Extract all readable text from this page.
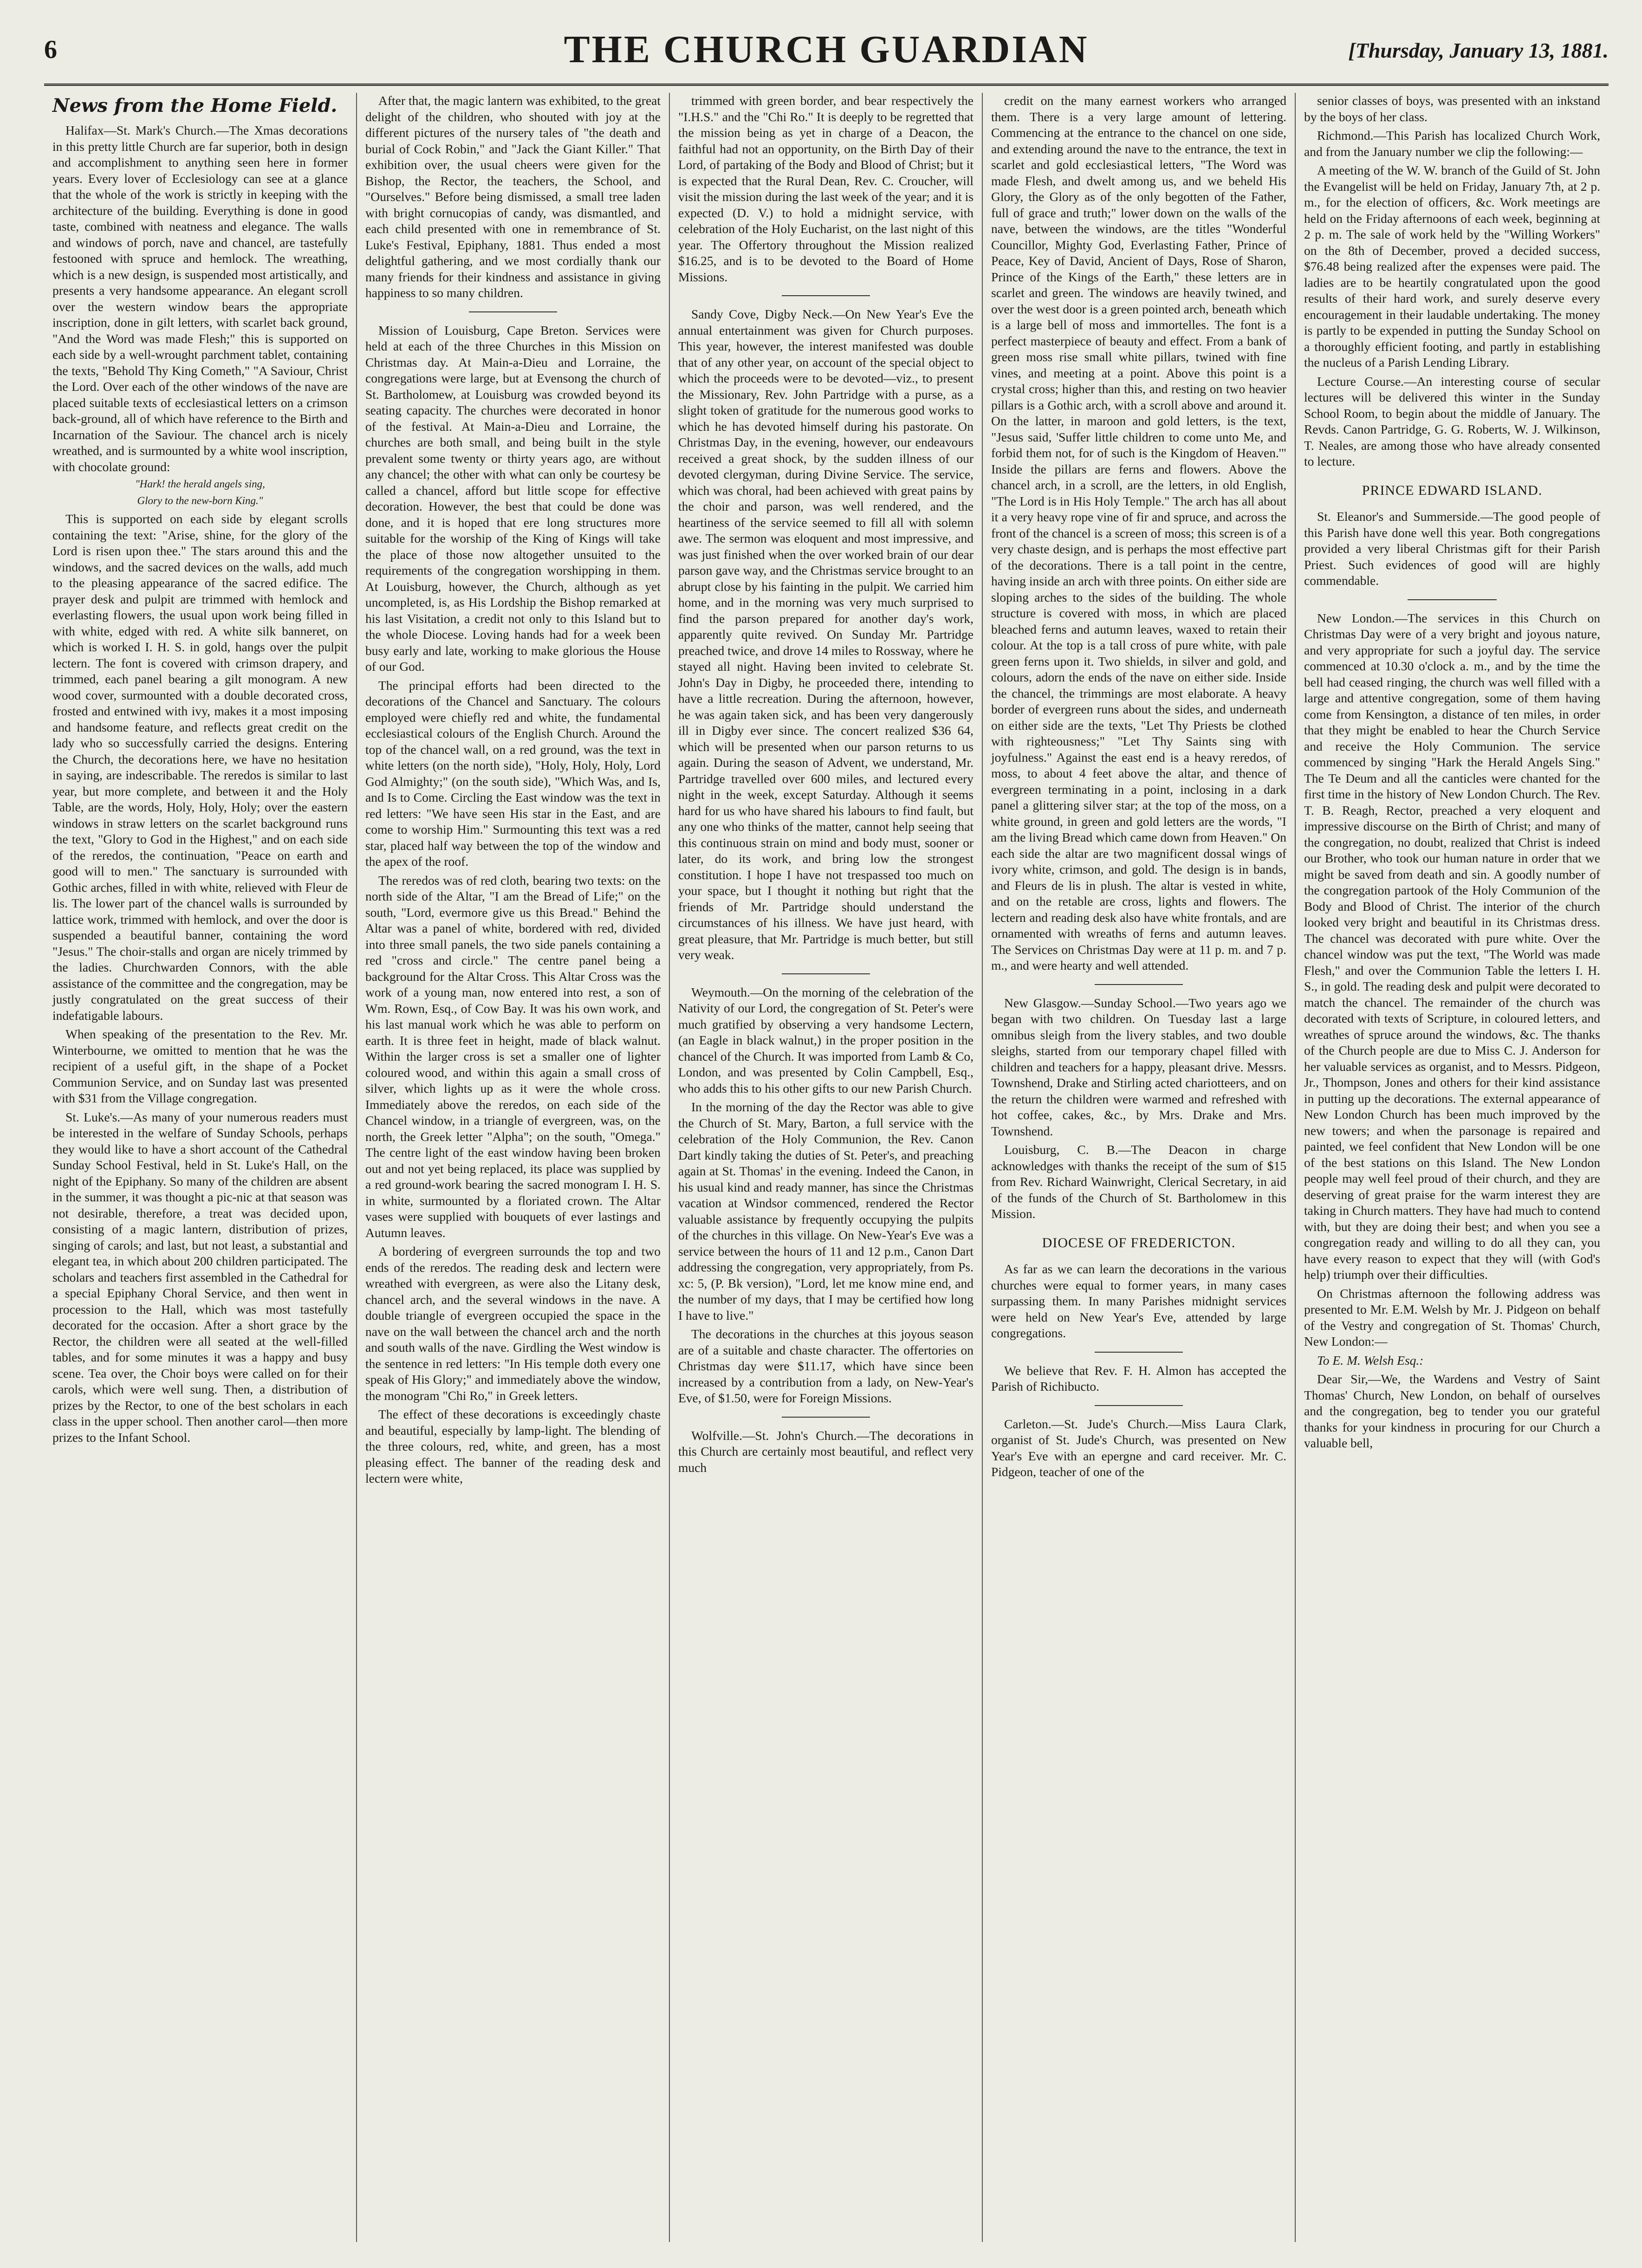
6	THE CHURCH GUARDIAN	[Thursday, January 13, 1881.
News from the Home Field.

Halifax—St. Mark's Church.—The Xmas decorations in this pretty little Church are far superior, both in design and accomplishment to anything seen here in former years. Every lover of Ecclesiology can see at a glance that the whole of the work is strictly in keeping with the architecture of the building. Everything is done in good taste, combined with neatness and elegance. The walls and windows of porch, nave and chancel, are tastefully festooned with spruce and hemlock. The wreathing, which is a new design, is suspended most artistically, and presents a very handsome appearance. An elegant scroll over the western window bears the appropriate inscription, done in gilt letters, with scarlet back ground, "And the Word was made Flesh;" this is supported on each side by a well-wrought parchment tablet, containing the texts, "Behold Thy King Cometh," "A Saviour, Christ the Lord. Over each of the other windows of the nave are placed suitable texts of ecclesiastical letters on a crimson back-ground, all of which have reference to the Birth and Incarnation of the Saviour. The chancel arch is nicely wreathed, and is surmounted by a white wool inscription, with chocolate ground:

"Hark! the herald angels sing,
Glory to the new-born King."

This is supported on each side by elegant scrolls containing the text: "Arise, shine, for the glory of the Lord is risen upon thee." The stars around this and the windows, and the sacred devices on the walls, add much to the pleasing appearance of the sacred edifice. The prayer desk and pulpit are trimmed with hemlock and everlasting flowers, the usual upon work being filled in with white, edged with red. A white silk banneret, on which is worked I. H. S. in gold, hangs over the pulpit lectern. The font is covered with crimson drapery, and trimmed, each panel bearing a gilt monogram. A new wood cover, surmounted with a double decorated cross, frosted and entwined with ivy, makes it a most imposing and handsome feature, and reflects great credit on the lady who so successfully carried the designs. Entering the Church, the decorations here, we have no hesitation in saying, are indescribable. The reredos is similar to last year, but more complete, and between it and the Holy Table, are the words, Holy, Holy, Holy; over the eastern windows in straw letters on the scarlet background runs the text, "Glory to God in the Highest," and on each side of the reredos, the continuation, "Peace on earth and good will to men." The sanctuary is surrounded with Gothic arches, filled in with white, relieved with Fleur de lis. The lower part of the chancel walls is surrounded by lattice work, trimmed with hemlock, and over the door is suspended a beautiful banner, containing the word "Jesus." The choir-stalls and organ are nicely trimmed by the ladies. Churchwarden Connors, with the able assistance of the committee and the congregation, may be justly congratulated on the great success of their indefatigable labours.

When speaking of the presentation to the Rev. Mr. Winterbourne, we omitted to mention that he was the recipient of a useful gift, in the shape of a Pocket Communion Service, and on Sunday last was presented with $31 from the Village congregation.

St. Luke's.—As many of your numerous readers must be interested in the welfare of Sunday Schools, perhaps they would like to have a short account of the Cathedral Sunday School Festival, held in St. Luke's Hall, on the night of the Epiphany. So many of the children are absent in the summer, it was thought a pic-nic at that season was not desirable, therefore, a treat was decided upon, consisting of a magic lantern, distribution of prizes, singing of carols; and last, but not least, a substantial and elegant tea, in which about 200 children participated. The scholars and teachers first assembled in the Cathedral for a special Epiphany Choral Service, and then went in procession to the Hall, which was most tastefully decorated for the occasion. After a short grace by the Rector, the children were all seated at the well-filled tables, and for some minutes it was a happy and busy scene. Tea over, the Choir boys were called on for their carols, which were well sung. Then, a distribution of prizes by the Rector, to one of the best scholars in each class in the upper school. Then another carol—then more prizes to the Infant School.

After that, the magic lantern was exhibited, to the great delight of the children, who shouted with joy at the different pictures of the nursery tales of "the death and burial of Cock Robin," and "Jack the Giant Killer." That exhibition over, the usual cheers were given for the Bishop, the Rector, the teachers, the School, and "Ourselves." Before being dismissed, a small tree laden with bright cornucopias of candy, was dismantled, and each child presented with one in remembrance of St. Luke's Festival, Epiphany, 1881. Thus ended a most delightful gathering, and we most cordially thank our many friends for their kindness and assistance in giving happiness to so many children.

Mission of Louisburg, Cape Breton. Services were held at each of the three Churches in this Mission on Christmas day. At Main-a-Dieu and Lorraine, the congregations were large, but at Evensong the church of St. Bartholomew, at Louisburg was crowded beyond its seating capacity. The churches were decorated in honor of the festival. At Main-a-Dieu and Lorraine, the churches are both small, and being built in the style prevalent some twenty or thirty years ago, are without any chancel; the other with what can only be courtesy be called a chancel, afford but little scope for effective decoration. However, the best that could be done was done, and it is hoped that ere long structures more suitable for the worship of the King of Kings will take the place of those now altogether unsuited to the requirements of the congregation worshipping in them. At Louisburg, however, the Church, although as yet uncompleted, is, as His Lordship the Bishop remarked at his last Visitation, a credit not only to this Island but to the whole Diocese. Loving hands had for a week been busy early and late, working to make glorious the House of our God.

The principal efforts had been directed to the decorations of the Chancel and Sanctuary. The colours employed were chiefly red and white, the fundamental ecclesiastical colours of the English Church. Around the top of the chancel wall, on a red ground, was the text in white letters (on the north side), "Holy, Holy, Holy, Lord God Almighty;" (on the south side), "Which Was, and Is, and Is to Come. Circling the East window was the text in red letters: "We have seen His star in the East, and are come to worship Him." Surmounting this text was a red star, placed half way between the top of the window and the apex of the roof.

The reredos was of red cloth, bearing two texts: on the north side of the Altar, "I am the Bread of Life;" on the south, "Lord, evermore give us this Bread." Behind the Altar was a panel of white, bordered with red, divided into three small panels, the two side panels containing a red "cross and circle." The centre panel being a background for the Altar Cross. This Altar Cross was the work of a young man, now entered into rest, a son of Wm. Rown, Esq., of Cow Bay. It was his own work, and his last manual work which he was able to perform on earth. It is three feet in height, made of black walnut. Within the larger cross is set a smaller one of lighter coloured wood, and within this again a small cross of silver, which lights up as it were the whole cross. Immediately above the reredos, on each side of the Chancel window, in a triangle of evergreen, was, on the north, the Greek letter "Alpha"; on the south, "Omega." The centre light of the east window having been broken out and not yet being replaced, its place was supplied by a red ground-work bearing the sacred monogram I. H. S. in white, surmounted by a floriated crown. The Altar vases were supplied with bouquets of ever lastings and Autumn leaves.

A bordering of evergreen surrounds the top and two ends of the reredos. The reading desk and lectern were wreathed with evergreen, as were also the Litany desk, chancel arch, and the several windows in the nave. A double triangle of evergreen occupied the space in the nave on the wall between the chancel arch and the north and south walls of the nave. Girdling the West window is the sentence in red letters: "In His temple doth every one speak of His Glory;" and immediately above the window, the monogram "Chi Ro," in Greek letters.

The effect of these decorations is exceedingly chaste and beautiful, especially by lamp-light. The blending of the three colours, red, white, and green, has a most pleasing effect. The banner of the reading desk and lectern were white,

trimmed with green border, and bear respectively the "I.H.S." and the "Chi Ro." It is deeply to be regretted that the mission being as yet in charge of a Deacon, the faithful had not an opportunity, on the Birth Day of their Lord, of partaking of the Body and Blood of Christ; but it is expected that the Rural Dean, Rev. C. Croucher, will visit the mission during the last week of the year; and it is expected (D. V.) to hold a midnight service, with celebration of the Holy Eucharist, on the last night of this year. The Offertory throughout the Mission realized $16.25, and is to be devoted to the Board of Home Missions.

Sandy Cove, Digby Neck.—On New Year's Eve the annual entertainment was given for Church purposes. This year, however, the interest manifested was double that of any other year, on account of the special object to which the proceeds were to be devoted—viz., to present the Missionary, Rev. John Partridge with a purse, as a slight token of gratitude for the numerous good works to which he has devoted himself during his pastorate. On Christmas Day, in the evening, however, our endeavours received a great shock, by the sudden illness of our devoted clergyman, during Divine Service. The service, which was choral, had been achieved with great pains by the choir and parson, was well rendered, and the heartiness of the service seemed to fill all with solemn awe. The sermon was eloquent and most impressive, and was just finished when the over worked brain of our dear parson gave way, and the Christmas service brought to an abrupt close by his fainting in the pulpit. We carried him home, and in the morning was very much surprised to find the parson prepared for another day's work, apparently quite revived. On Sunday Mr. Partridge preached twice, and drove 14 miles to Rossway, where he stayed all night. Having been invited to celebrate St. John's Day in Digby, he proceeded there, intending to have a little recreation. During the afternoon, however, he was again taken sick, and has been very dangerously ill in Digby ever since. The concert realized $36 64, which will be presented when our parson returns to us again. During the season of Advent, we understand, Mr. Partridge travelled over 600 miles, and lectured every night in the week, except Saturday. Although it seems hard for us who have shared his labours to find fault, but any one who thinks of the matter, cannot help seeing that this continuous strain on mind and body must, sooner or later, do its work, and bring low the strongest constitution. I hope I have not trespassed too much on your space, but I thought it nothing but right that the friends of Mr. Partridge should understand the circumstances of his illness. We have just heard, with great pleasure, that Mr. Partridge is much better, but still very weak.

Weymouth.—On the morning of the celebration of the Nativity of our Lord, the congregation of St. Peter's were much gratified by observing a very handsome Lectern, (an Eagle in black walnut,) in the proper position in the chancel of the Church. It was imported from Lamb & Co, London, and was presented by Colin Campbell, Esq., who adds this to his other gifts to our new Parish Church.

In the morning of the day the Rector was able to give the Church of St. Mary, Barton, a full service with the celebration of the Holy Communion, the Rev. Canon Dart kindly taking the duties of St. Peter's, and preaching again at St. Thomas' in the evening. Indeed the Canon, in his usual kind and ready manner, has since the Christmas vacation at Windsor commenced, rendered the Rector valuable assistance by frequently occupying the pulpits of the churches in this village. On New-Year's Eve was a service between the hours of 11 and 12 p.m., Canon Dart addressing the congregation, very appropriately, from Ps. xc: 5, (P. Bk version), "Lord, let me know mine end, and the number of my days, that I may be certified how long I have to live."

The decorations in the churches at this joyous season are of a suitable and chaste character. The offertories on Christmas day were $11.17, which have since been increased by a contribution from a lady, on New-Year's Eve, of $1.50, were for Foreign Missions.

Wolfville.—St. John's Church.—The decorations in this Church are certainly most beautiful, and reflect very much

credit on the many earnest workers who arranged them. There is a very large amount of lettering. Commencing at the entrance to the chancel on one side, and extending around the nave to the entrance, the text in scarlet and gold ecclesiastical letters, "The Word was made Flesh, and dwelt among us, and we beheld His Glory, the Glory as of the only begotten of the Father, full of grace and truth;" lower down on the walls of the nave, between the windows, are the titles "Wonderful Councillor, Mighty God, Everlasting Father, Prince of Peace, Key of David, Ancient of Days, Rose of Sharon, Prince of the Kings of the Earth," these letters are in scarlet and green. The windows are heavily twined, and over the west door is a green pointed arch, beneath which is a large bell of moss and immortelles. The font is a perfect masterpiece of beauty and effect. From a bank of green moss rise small white pillars, twined with fine vines, and meeting at a point. Above this point is a crystal cross; higher than this, and resting on two heavier pillars is a Gothic arch, with a scroll above and around it. On the latter, in maroon and gold letters, is the text, "Jesus said, 'Suffer little children to come unto Me, and forbid them not, for of such is the Kingdom of Heaven.'" Inside the pillars are ferns and flowers. Above the chancel arch, in a scroll, are the letters, in old English, "The Lord is in His Holy Temple." The arch has all about it a very heavy rope vine of fir and spruce, and across the front of the chancel is a screen of moss; this screen is of a very chaste design, and is perhaps the most effective part of the decorations. There is a tall point in the centre, having inside an arch with three points. On either side are sloping arches to the sides of the building. The whole structure is covered with moss, in which are placed bleached ferns and autumn leaves, waxed to retain their colour. At the top is a tall cross of pure white, with pale green ferns upon it. Two shields, in silver and gold, and colours, adorn the ends of the nave on either side. Inside the chancel, the trimmings are most elaborate. A heavy border of evergreen runs about the sides, and underneath on either side are the texts, "Let Thy Priests be clothed with righteousness;" "Let Thy Saints sing with joyfulness." Against the east end is a heavy reredos, of moss, to about 4 feet above the altar, and thence of evergreen terminating in a point, inclosing in a dark panel a glittering silver star; at the top of the moss, on a white ground, in green and gold letters are the words, "I am the living Bread which came down from Heaven." On each side the altar are two magnificent dossal wings of ivory white, crimson, and gold. The design is in bands, and Fleurs de lis in plush. The altar is vested in white, and on the retable are cross, lights and flowers. The lectern and reading desk also have white frontals, and are ornamented with wreaths of ferns and autumn leaves. The Services on Christmas Day were at 11 p. m. and 7 p. m., and were hearty and well attended.

New Glasgow.—Sunday School.—Two years ago we began with two children. On Tuesday last a large omnibus sleigh from the livery stables, and two double sleighs, started from our temporary chapel filled with children and teachers for a happy, pleasant drive. Messrs. Townshend, Drake and Stirling acted chariotteers, and on the return the children were warmed and refreshed with hot coffee, cakes, &c., by Mrs. Drake and Mrs. Townshend.

Louisburg, C. B.—The Deacon in charge acknowledges with thanks the receipt of the sum of $15 from Rev. Richard Wainwright, Clerical Secretary, in aid of the funds of the Church of St. Bartholomew in this Mission.

DIOCESE OF FREDERICTON.

As far as we can learn the decorations in the various churches were equal to former years, in many cases surpassing them. In many Parishes midnight services were held on New Year's Eve, attended by large congregations.

We believe that Rev. F. H. Almon has accepted the Parish of Richibucto.

Carleton.—St. Jude's Church.—Miss Laura Clark, organist of St. Jude's Church, was presented on New Year's Eve with an epergne and card receiver. Mr. C. Pidgeon, teacher of one of the

senior classes of boys, was presented with an inkstand by the boys of her class.

Richmond.—This Parish has localized Church Work, and from the January number we clip the following:—

A meeting of the W. W. branch of the Guild of St. John the Evangelist will be held on Friday, January 7th, at 2 p. m., for the election of officers, &c. Work meetings are held on the Friday afternoons of each week, beginning at 2 p. m. The sale of work held by the "Willing Workers" on the 8th of December, proved a decided success, $76.48 being realized after the expenses were paid. The ladies are to be heartily congratulated upon the good results of their hard work, and surely deserve every encouragement in their laudable undertaking. The money is partly to be expended in putting the Sunday School on a thoroughly efficient footing, and partly in establishing the nucleus of a Parish Lending Library.

Lecture Course.—An interesting course of secular lectures will be delivered this winter in the Sunday School Room, to begin about the middle of January. The Revds. Canon Partridge, G. G. Roberts, W. J. Wilkinson, T. Neales, are among those who have already consented to lecture.

PRINCE EDWARD ISLAND.

St. Eleanor's and Summerside.—The good people of this Parish have done well this year. Both congregations provided a very liberal Christmas gift for their Parish Priest. Such evidences of good will are highly commendable.

New London.—The services in this Church on Christmas Day were of a very bright and joyous nature, and very appropriate for such a joyful day. The service commenced at 10.30 o'clock a. m., and by the time the bell had ceased ringing, the church was well filled with a large and attentive congregation, some of them having come from Kensington, a distance of ten miles, in order that they might be enabled to hear the Church Service and receive the Holy Communion. The service commenced by singing "Hark the Herald Angels Sing." The Te Deum and all the canticles were chanted for the first time in the history of New London Church. The Rev. T. B. Reagh, Rector, preached a very eloquent and impressive discourse on the Birth of Christ; and many of the congregation, no doubt, realized that Christ is indeed our Brother, who took our human nature in order that we might be saved from death and sin. A goodly number of the congregation partook of the Holy Communion of the Body and Blood of Christ. The interior of the church looked very bright and beautiful in its Christmas dress. The chancel was decorated with pure white. Over the chancel window was put the text, "The World was made Flesh," and over the Communion Table the letters I. H. S., in gold. The reading desk and pulpit were decorated to match the chancel. The remainder of the church was decorated with texts of Scripture, in coloured letters, and wreathes of spruce around the windows, &c. The thanks of the Church people are due to Miss C. J. Anderson for her valuable services as organist, and to Messrs. Pidgeon, Jr., Thompson, Jones and others for their kind assistance in putting up the decorations. The external appearance of New London Church has been much improved by the new towers; and when the parsonage is repaired and painted, we feel confident that New London will be one of the best stations on this Island. The New London people may well feel proud of their church, and they are deserving of great praise for the warm interest they are taking in Church matters. They have had much to contend with, but they are doing their best; and when you see a congregation ready and willing to do all they can, you have every reason to expect that they will (with God's help) triumph over their difficulties.

On Christmas afternoon the following address was presented to Mr. E.M. Welsh by Mr. J. Pidgeon on behalf of the Vestry and congregation of St. Thomas' Church, New London:—

To E. M. Welsh Esq.:

Dear Sir,—We, the Wardens and Vestry of Saint Thomas' Church, New London, on behalf of ourselves and the congregation, beg to tender you our grateful thanks for your kindness in procuring for our Church a valuable bell,
